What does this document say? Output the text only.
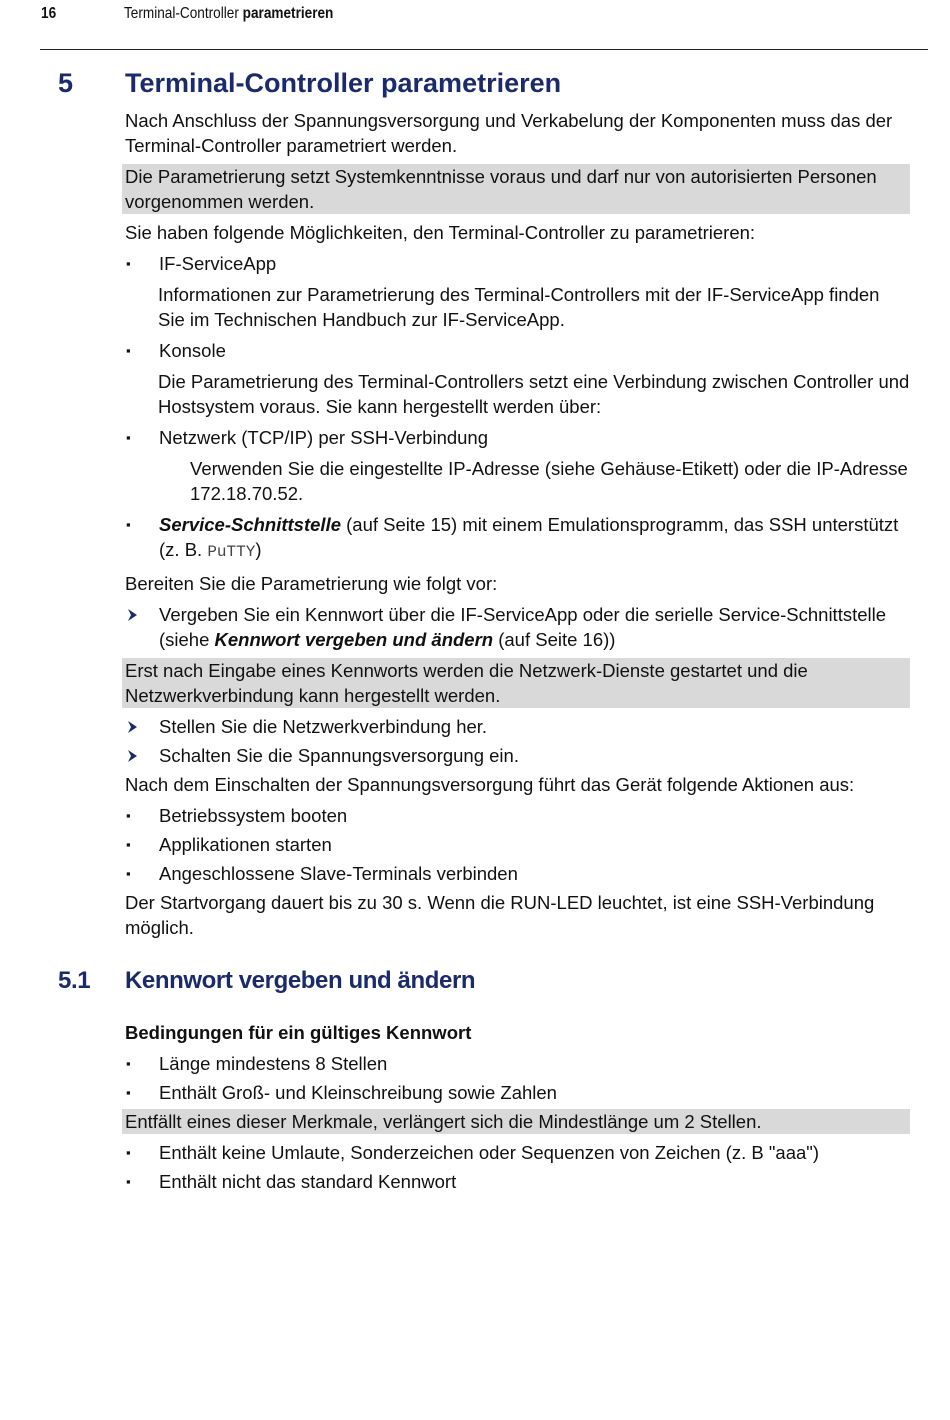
16	Terminal-Controller parametrieren
5 Terminal-Controller parametrieren

Nach Anschluss der Spannungsversorgung und Verkabelung der Komponenten muss das der Terminal-Controller parametriert werden.

Die Parametrierung setzt Systemkenntnisse voraus und darf nur von autorisierten Personen vorgenommen werden.

Sie haben folgende Möglichkeiten, den Terminal-Controller zu parametrieren:

▪ IF-ServiceApp

Informationen zur Parametrierung des Terminal-Controllers mit der IF-ServiceApp finden Sie im Technischen Handbuch zur IF-ServiceApp.

▪ Konsole

Die Parametrierung des Terminal-Controllers setzt eine Verbindung zwischen Controller und Hostsystem voraus. Sie kann hergestellt werden über:

▪ Netzwerk (TCP/IP) per SSH-Verbindung

Verwenden Sie die eingestellte IP-Adresse (siehe Gehäuse-Etikett) oder die IP-Adresse 172.18.70.52.

▪ Service-Schnittstelle (auf Seite 15) mit einem Emulationsprogramm, das SSH unterstützt (z. B. PuTTY)

Bereiten Sie die Parametrierung wie folgt vor:

Vergeben Sie ein Kennwort über die IF-ServiceApp oder die serielle Service-Schnittstelle (siehe Kennwort vergeben und ändern (auf Seite 16))

Erst nach Eingabe eines Kennworts werden die Netzwerk-Dienste gestartet und die Netzwerkverbindung kann hergestellt werden.

Stellen Sie die Netzwerkverbindung her.
Schalten Sie die Spannungsversorgung ein.

Nach dem Einschalten der Spannungsversorgung führt das Gerät folgende Aktionen aus:

▪ Betriebssystem booten
▪ Applikationen starten
▪ Angeschlossene Slave-Terminals verbinden

Der Startvorgang dauert bis zu 30 s. Wenn die RUN-LED leuchtet, ist eine SSH-Verbindung möglich.

5.1 Kennwort vergeben und ändern

Bedingungen für ein gültiges Kennwort

▪ Länge mindestens 8 Stellen
▪ Enthält Groß- und Kleinschreibung sowie Zahlen

Entfällt eines dieser Merkmale, verlängert sich die Mindestlänge um 2 Stellen.

▪ Enthält keine Umlaute, Sonderzeichen oder Sequenzen von Zeichen (z. B "aaa")
▪ Enthält nicht das standard Kennwort
